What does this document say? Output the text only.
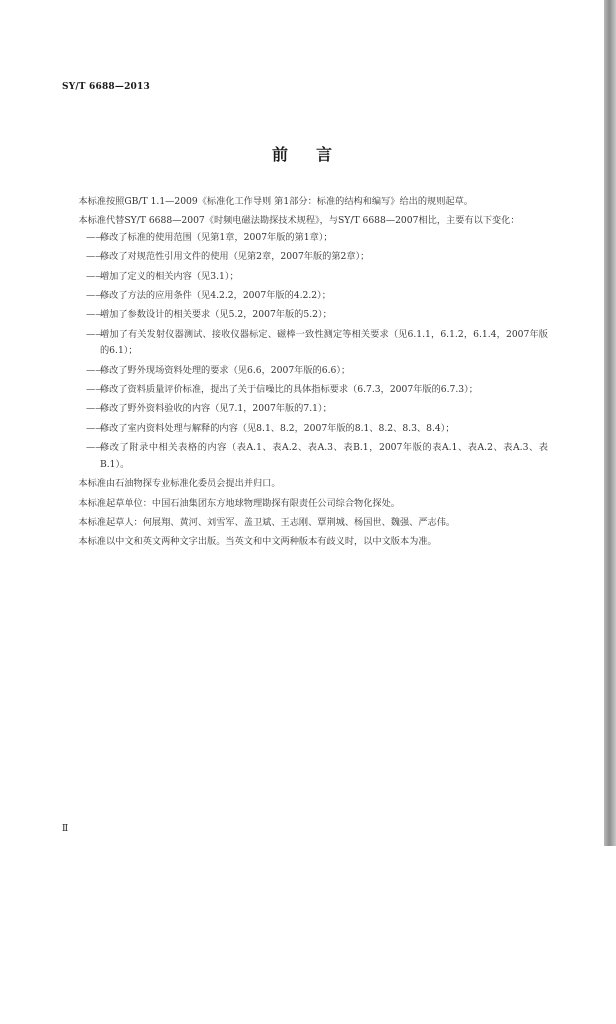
SY/T 6688—2013
前言

本标准按照GB/T 1.1—2009《标准化工作导则 第1部分：标准的结构和编写》给出的规则起草。

本标准代替SY/T 6688—2007《时频电磁法勘探技术规程》，与SY/T 6688—2007相比，主要有以下变化：

——
修改了标准的使用范围（见第1章，2007年版的第1章）；
——
修改了对规范性引用文件的使用（见第2章，2007年版的第2章）；
——
增加了定义的相关内容（见3.1）；
——
修改了方法的应用条件（见4.2.2，2007年版的4.2.2）；
——
增加了参数设计的相关要求（见5.2，2007年版的5.2）；
——
增加了有关发射仪器测试、接收仪器标定、磁棒一致性测定等相关要求（见6.1.1，6.1.2，6.1.4，2007年版的6.1）；
——
修改了野外现场资料处理的要求（见6.6，2007年版的6.6）；
——
修改了资料质量评价标准，提出了关于信噪比的具体指标要求（6.7.3，2007年版的6.7.3）；
——
修改了野外资料验收的内容（见7.1，2007年版的7.1）；
——
修改了室内资料处理与解释的内容（见8.1、8.2，2007年版的8.1、8.2、8.3、8.4）；
——
修改了附录中相关表格的内容（表A.1、表A.2、表A.3、表B.1，2007年版的表A.1、表A.2、表A.3、表B.1）。

本标准由石油物探专业标准化委员会提出并归口。

本标准起草单位：中国石油集团东方地球物理勘探有限责任公司综合物化探处。

本标准起草人：何展翔、黄河、刘雪军、盖卫斌、王志刚、覃荆城、杨国世、魏强、严志伟。

本标准以中文和英文两种文字出版。当英文和中文两种版本有歧义时，以中文版本为准。

Ⅱ
